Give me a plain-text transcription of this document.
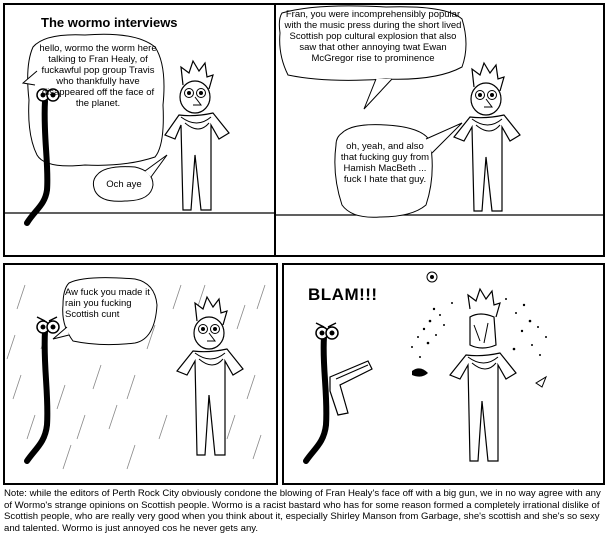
The wormo interviews
hello, wormo the worm here talking to Fran Healy, of fuckawful pop group Travis who thankfully have disappeared off the face of the planet.
Och aye
Fran, you were incomprehensibly popular with the music press during the short lived Scottish pop cultural explosion that also saw that other annoying twat Ewan McGregor rise to prominence
oh, yeah, and also that fucking guy from Hamish MacBeth ... fuck I hate that guy.
Aw fuck you made it rain you fucking Scottish cunt
BLAM!!!
Note: while the editors of Perth Rock City obviously condone the blowing of Fran Healy's face off with a big gun, we in no way agree with any of Wormo's strange opinions on Scottish people. Wormo is a racist bastard who has for some reason formed a completely irrational dislike of Scottish people, who are really very good when you think about it, especially Shirley Manson from Garbage, she's scottish and she's so sexy and talented. Wormo is just annoyed cos he never gets any.
